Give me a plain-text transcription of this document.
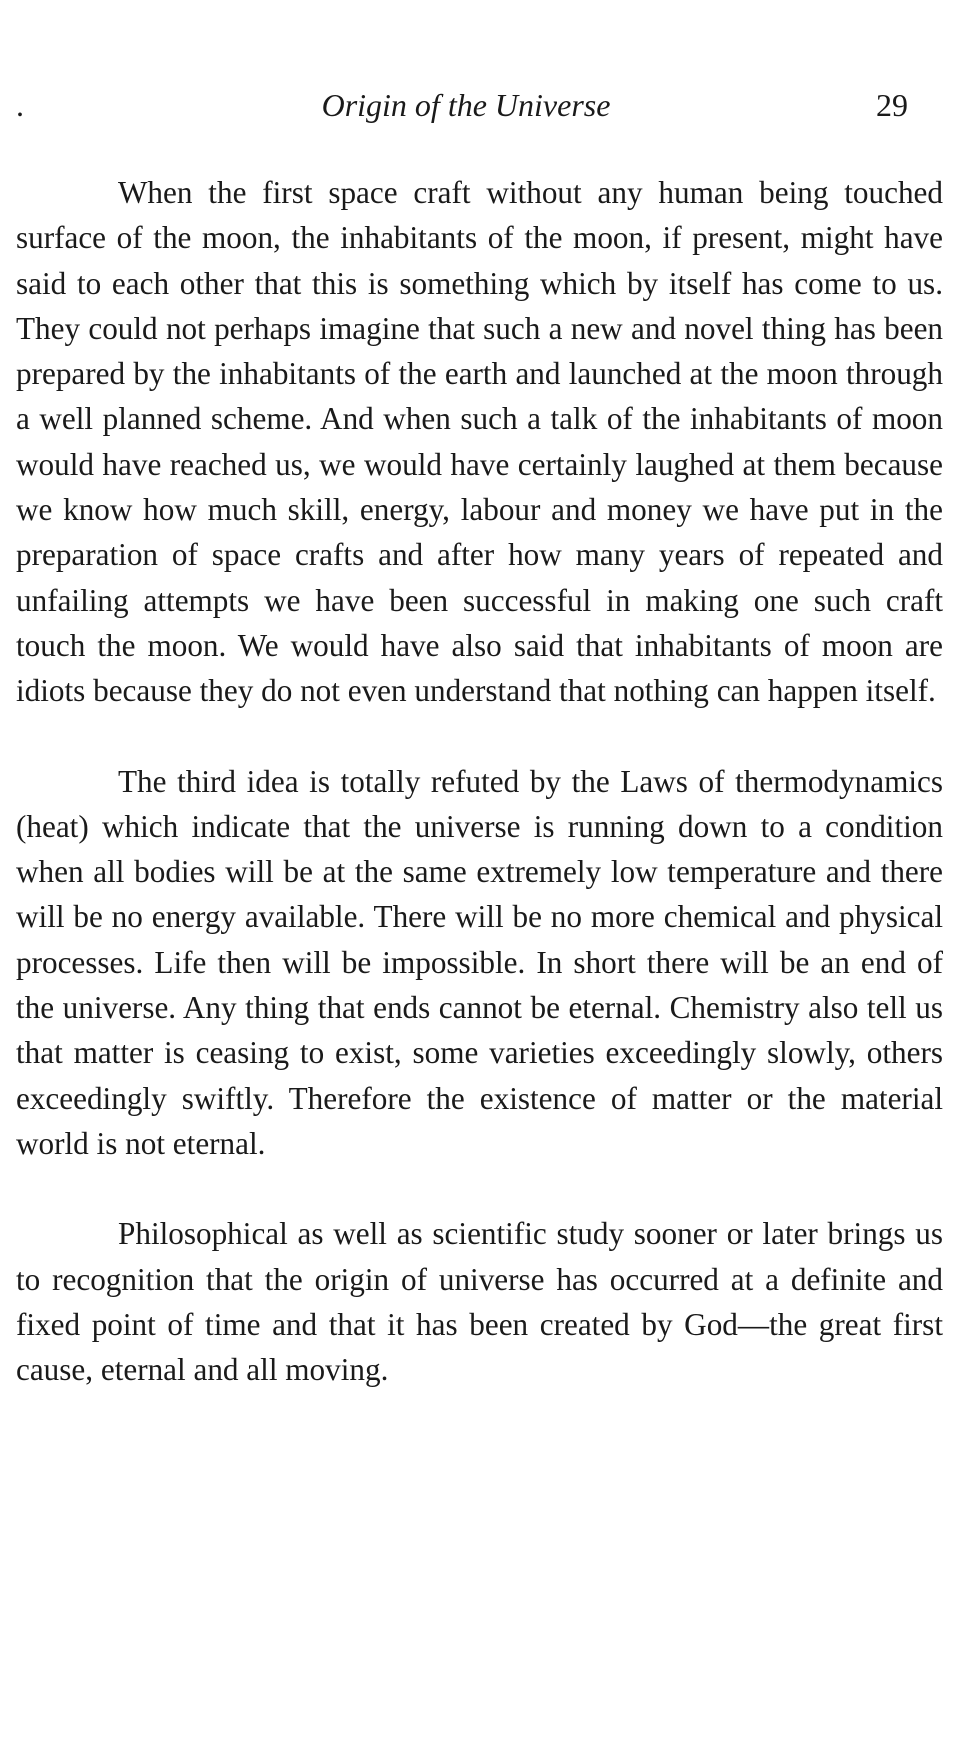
.	Origin of the Universe	29

When the first space craft without any human being touched surface of the moon, the inhabitants of the moon, if present, might have said to each other that this is something which by itself has come to us. They could not perhaps imagine that such a new and novel thing has been prepared by the inhabitants of the earth and launched at the moon through a well planned scheme. And when such a talk of the inhabitants of moon would have reached us, we would have certainly laughed at them because we know how much skill, energy, labour and money we have put in the preparation of space crafts and after how many years of repeated and unfailing attempts we have been successful in making one such craft touch the moon. We would have also said that inhabitants of moon are idiots because they do not even understand that nothing can happen itself.

The third idea is totally refuted by the Laws of thermodynamics (heat) which indicate that the universe is running down to a condition when all bodies will be at the same extremely low temperature and there will be no energy available. There will be no more chemical and physical processes. Life then will be impossible. In short there will be an end of the universe. Any thing that ends cannot be eternal. Chemistry also tell us that matter is ceasing to exist, some varieties exceedingly slowly, others exceedingly swiftly. Therefore the existence of matter or the material world is not eternal.

Philosophical as well as scientific study sooner or later brings us to recognition that the origin of universe has occurred at a definite and fixed point of time and that it has been created by God—the great first cause, eternal and all moving.
